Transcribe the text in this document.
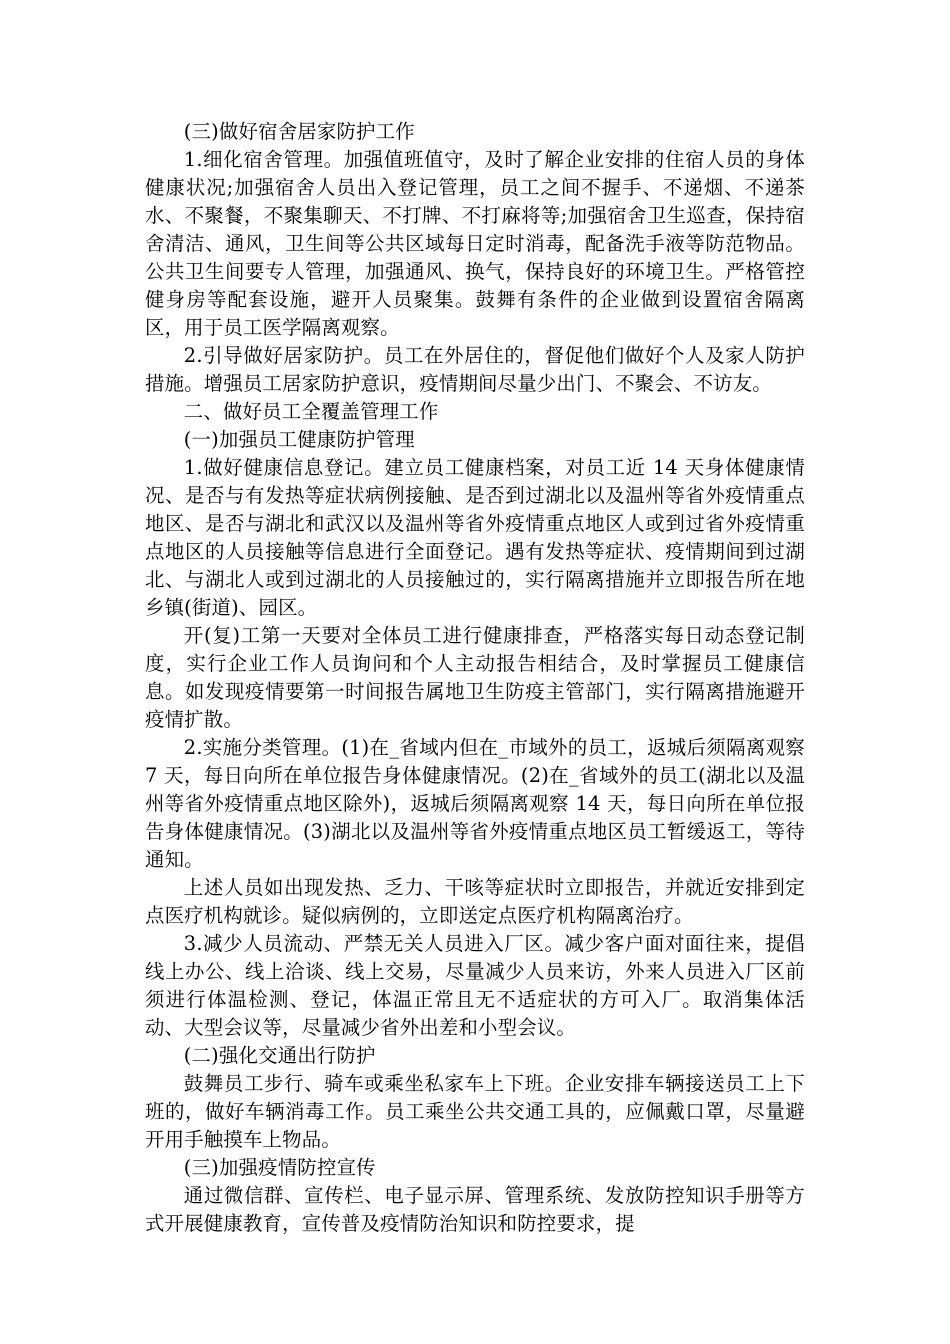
(三)做好宿舍居家防护工作

1.细化宿舍管理。加强值班值守，及时了解企业安排的住宿人员的身体健康状况;加强宿舍人员出入登记管理，员工之间不握手、不递烟、不递茶水、不聚餐，不聚集聊天、不打牌、不打麻将等;加强宿舍卫生巡查，保持宿舍清洁、通风，卫生间等公共区域每日定时消毒，配备洗手液等防范物品。公共卫生间要专人管理，加强通风、换气，保持良好的环境卫生。严格管控健身房等配套设施，避开人员聚集。鼓舞有条件的企业做到设置宿舍隔离区，用于员工医学隔离观察。

2.引导做好居家防护。员工在外居住的，督促他们做好个人及家人防护措施。增强员工居家防护意识，疫情期间尽量少出门、不聚会、不访友。

二、做好员工全覆盖管理工作

(一)加强员工健康防护管理

1.做好健康信息登记。建立员工健康档案，对员工近 14 天身体健康情况、是否与有发热等症状病例接触、是否到过湖北以及温州等省外疫情重点地区、是否与湖北和武汉以及温州等省外疫情重点地区人或到过省外疫情重点地区的人员接触等信息进行全面登记。遇有发热等症状、疫情期间到过湖北、与湖北人或到过湖北的人员接触过的，实行隔离措施并立即报告所在地乡镇(街道)、园区。

开(复)工第一天要对全体员工进行健康排查，严格落实每日动态登记制度，实行企业工作人员询问和个人主动报告相结合，及时掌握员工健康信息。如发现疫情要第一时间报告属地卫生防疫主管部门，实行隔离措施避开疫情扩散。

2.实施分类管理。(1)在_省域内但在_市域外的员工，返城后须隔离观察 7 天，每日向所在单位报告身体健康情况。(2)在_省域外的员工(湖北以及温州等省外疫情重点地区除外)，返城后须隔离观察 14 天，每日向所在单位报告身体健康情况。(3)湖北以及温州等省外疫情重点地区员工暂缓返工，等待通知。

上述人员如出现发热、乏力、干咳等症状时立即报告，并就近安排到定点医疗机构就诊。疑似病例的，立即送定点医疗机构隔离治疗。

3.减少人员流动、严禁无关人员进入厂区。减少客户面对面往来，提倡线上办公、线上洽谈、线上交易，尽量减少人员来访，外来人员进入厂区前须进行体温检测、登记，体温正常且无不适症状的方可入厂。取消集体活动、大型会议等，尽量减少省外出差和小型会议。

(二)强化交通出行防护

鼓舞员工步行、骑车或乘坐私家车上下班。企业安排车辆接送员工上下班的，做好车辆消毒工作。员工乘坐公共交通工具的，应佩戴口罩，尽量避开用手触摸车上物品。

(三)加强疫情防控宣传

通过微信群、宣传栏、电子显示屏、管理系统、发放防控知识手册等方式开展健康教育，宣传普及疫情防治知识和防控要求，提
